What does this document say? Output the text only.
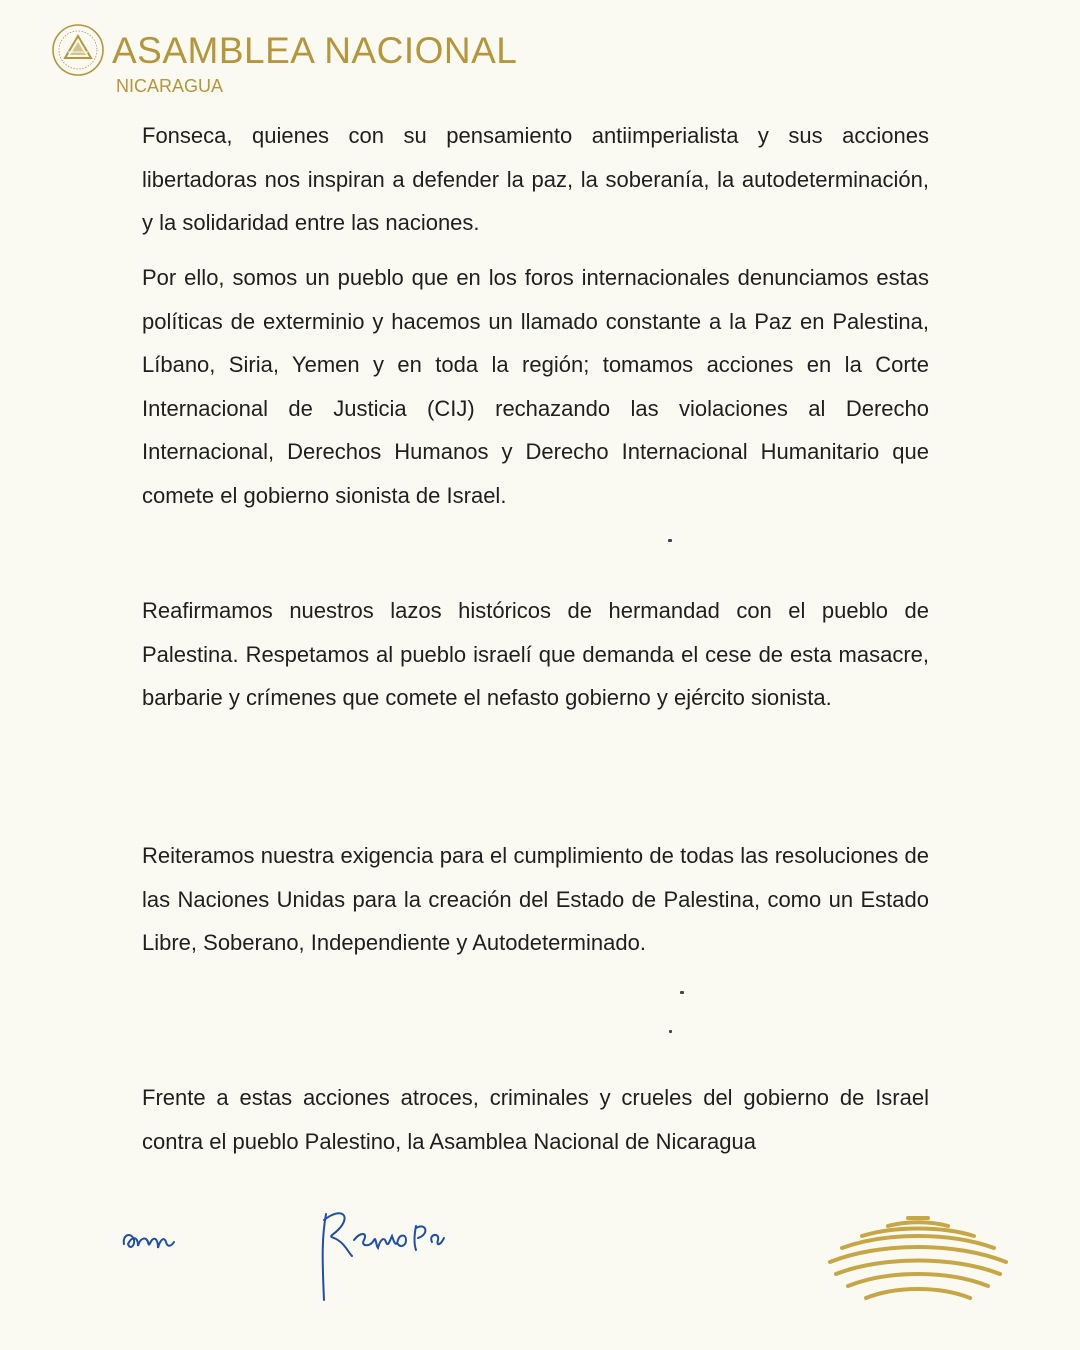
ASAMBLEA NACIONAL
NICARAGUA

Fonseca, quienes con su pensamiento antiimperialista y sus acciones libertadoras nos inspiran a defender la paz, la soberanía, la autodeterminación, y la solidaridad entre las naciones.

Por ello, somos un pueblo que en los foros internacionales denunciamos estas políticas de exterminio y hacemos un llamado constante a la Paz en Palestina, Líbano, Siria, Yemen y en toda la región; tomamos acciones en la Corte Internacional de Justicia (CIJ) rechazando las violaciones al Derecho Internacional, Derechos Humanos y Derecho Internacional Humanitario que comete el gobierno sionista de Israel.

Reafirmamos nuestros lazos históricos de hermandad con el pueblo de Palestina. Respetamos al pueblo israelí que demanda el cese de esta masacre, barbarie y crímenes que comete el nefasto gobierno y ejército sionista.

Reiteramos nuestra exigencia para el cumplimiento de todas las resoluciones de las Naciones Unidas para la creación del Estado de Palestina, como un Estado Libre, Soberano, Independiente y Autodeterminado.

Frente a estas acciones atroces, criminales y crueles del gobierno de Israel contra el pueblo Palestino, la Asamblea Nacional de Nicaragua
